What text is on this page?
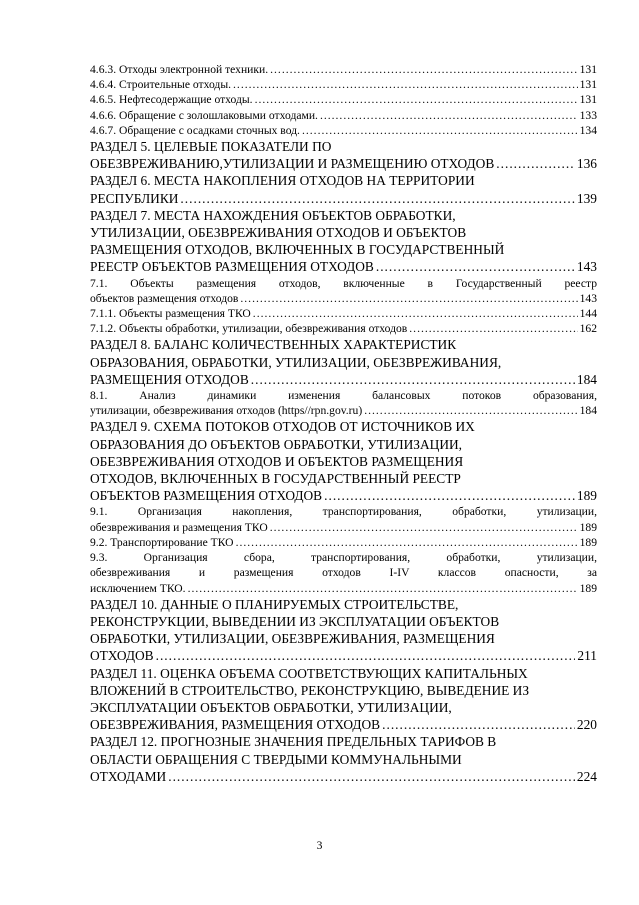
4.6.3. Отходы электронной техники. .....	131
4.6.4. Строительные отходы. .....	131
4.6.5. Нефтесодержащие отходы. .....	131
4.6.6. Обращение с золошлаковыми отходами. .....	133
4.6.7. Обращение с осадками сточных вод. .....	134
РАЗДЕЛ 5. ЦЕЛЕВЫЕ ПОКАЗАТЕЛИ ПО
ОБЕЗВРЕЖИВАНИЮ,УТИЛИЗАЦИИ И РАЗМЕЩЕНИЮ ОТХОДОВ .....	136
РАЗДЕЛ 6. МЕСТА НАКОПЛЕНИЯ ОТХОДОВ НА ТЕРРИТОРИИ
РЕСПУБЛИКИ .....	139
РАЗДЕЛ 7. МЕСТА НАХОЖДЕНИЯ ОБЪЕКТОВ ОБРАБОТКИ,
УТИЛИЗАЦИИ, ОБЕЗВРЕЖИВАНИЯ ОТХОДОВ И ОБЪЕКТОВ
РАЗМЕЩЕНИЯ ОТХОДОВ, ВКЛЮЧЕННЫХ В ГОСУДАРСТВЕННЫЙ
РЕЕСТР ОБЪЕКТОВ РАЗМЕЩЕНИЯ ОТХОДОВ .....	143
7.1. Объекты размещения отходов, включенные в Государственный реестр
объектов размещения отходов .....	143
7.1.1. Объекты размещения ТКО .....	144
7.1.2. Объекты обработки, утилизации, обезвреживания отходов .....	162
РАЗДЕЛ 8. БАЛАНС КОЛИЧЕСТВЕННЫХ ХАРАКТЕРИСТИК
ОБРАЗОВАНИЯ, ОБРАБОТКИ, УТИЛИЗАЦИИ, ОБЕЗВРЕЖИВАНИЯ,
РАЗМЕЩЕНИЯ ОТХОДОВ .....	184
8.1. Анализ динамики изменения балансовых потоков образования,
утилизации, обезвреживания отходов (https//rpn.gov.ru) .....	184
РАЗДЕЛ 9. СХЕМА ПОТОКОВ ОТХОДОВ ОТ ИСТОЧНИКОВ ИХ
ОБРАЗОВАНИЯ ДО ОБЪЕКТОВ ОБРАБОТКИ, УТИЛИЗАЦИИ,
ОБЕЗВРЕЖИВАНИЯ ОТХОДОВ И ОБЪЕКТОВ РАЗМЕЩЕНИЯ
ОТХОДОВ, ВКЛЮЧЕННЫХ В ГОСУДАРСТВЕННЫЙ РЕЕСТР
ОБЪЕКТОВ РАЗМЕЩЕНИЯ ОТХОДОВ .....	189
9.1. Организация накопления, транспортирования, обработки, утилизации,
обезвреживания и размещения ТКО .....	189
9.2. Транспортирование ТКО .....	189
9.3. Организация сбора, транспортирования, обработки, утилизации,
обезвреживания и размещения отходов I-IV классов опасности, за
исключением ТКО. .....	189
РАЗДЕЛ 10. ДАННЫЕ О ПЛАНИРУЕМЫХ СТРОИТЕЛЬСТВЕ,
РЕКОНСТРУКЦИИ, ВЫВЕДЕНИИ ИЗ ЭКСПЛУАТАЦИИ ОБЪЕКТОВ
ОБРАБОТКИ, УТИЛИЗАЦИИ, ОБЕЗВРЕЖИВАНИЯ, РАЗМЕЩЕНИЯ
ОТХОДОВ .....	211
РАЗДЕЛ 11. ОЦЕНКА ОБЪЕМА СООТВЕТСТВУЮЩИХ КАПИТАЛЬНЫХ
ВЛОЖЕНИЙ В СТРОИТЕЛЬСТВО, РЕКОНСТРУКЦИЮ, ВЫВЕДЕНИЕ ИЗ
ЭКСПЛУАТАЦИИ ОБЪЕКТОВ ОБРАБОТКИ, УТИЛИЗАЦИИ,
ОБЕЗВРЕЖИВАНИЯ, РАЗМЕЩЕНИЯ ОТХОДОВ .....	220
РАЗДЕЛ 12. ПРОГНОЗНЫЕ ЗНАЧЕНИЯ ПРЕДЕЛЬНЫХ ТАРИФОВ В
ОБЛАСТИ ОБРАЩЕНИЯ С ТВЕРДЫМИ КОММУНАЛЬНЫМИ
ОТХОДАМИ .....	224
3
